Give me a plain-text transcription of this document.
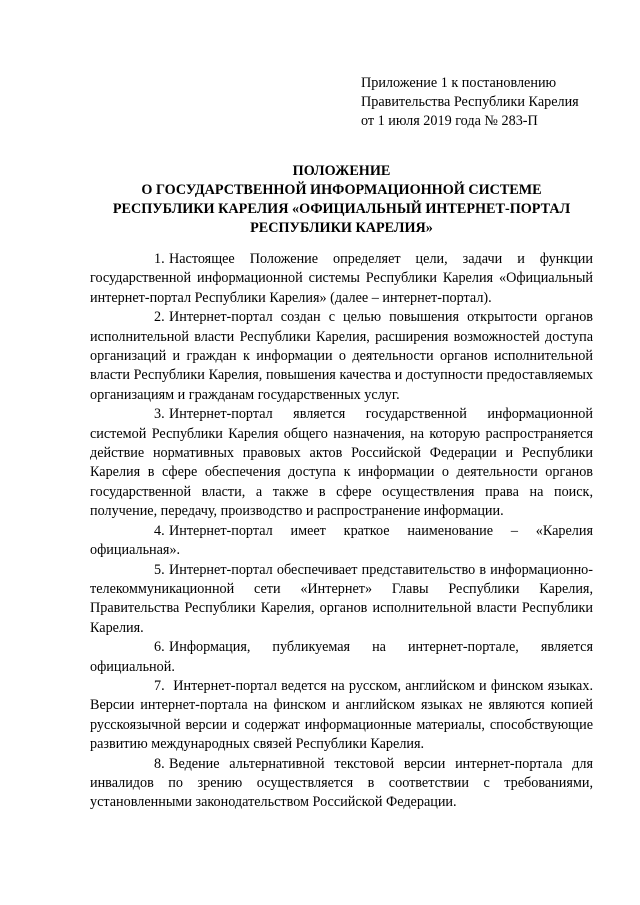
Приложение 1 к постановлению
Правительства Республики Карелия
от 1 июля 2019 года № 283-П
ПОЛОЖЕНИЕ
О ГОСУДАРСТВЕННОЙ ИНФОРМАЦИОННОЙ СИСТЕМЕ
РЕСПУБЛИКИ КАРЕЛИЯ «ОФИЦИАЛЬНЫЙ ИНТЕРНЕТ-ПОРТАЛ
РЕСПУБЛИКИ КАРЕЛИЯ»

1. Настоящее Положение определяет цели, задачи и функции государственной информационной системы Республики Карелия «Официальный интернет-портал Республики Карелия» (далее – интернет-портал).

2. Интернет-портал создан с целью повышения открытости органов исполнительной власти Республики Карелия, расширения возможностей доступа организаций и граждан к информации о деятельности органов исполнительной власти Республики Карелия, повышения качества и доступности предоставляемых организациям и гражданам государственных услуг.

3. Интернет-портал является государственной информационной системой Республики Карелия общего назначения, на которую распространяется действие нормативных правовых актов Российской Федерации и Республики Карелия в сфере обеспечения доступа к информации о деятельности органов государственной власти, а также в сфере осуществления права на поиск, получение, передачу, производство и распространение информации.

4. Интернет-портал имеет краткое наименование – «Карелия официальная».

5. Интернет-портал обеспечивает представительство в информационно-телекоммуникационной сети «Интернет» Главы Республики Карелия, Правительства Республики Карелия, органов исполнительной власти Республики Карелия.

6. Информация, публикуемая на интернет-портале, является официальной.

7. Интернет-портал ведется на русском, английском и финском языках. Версии интернет-портала на финском и английском языках не являются копией русскоязычной версии и содержат информационные материалы, способствующие развитию международных связей Республики Карелия.

8. Ведение альтернативной текстовой версии интернет-портала для инвалидов по зрению осуществляется в соответствии с требованиями, установленными законодательством Российской Федерации.
